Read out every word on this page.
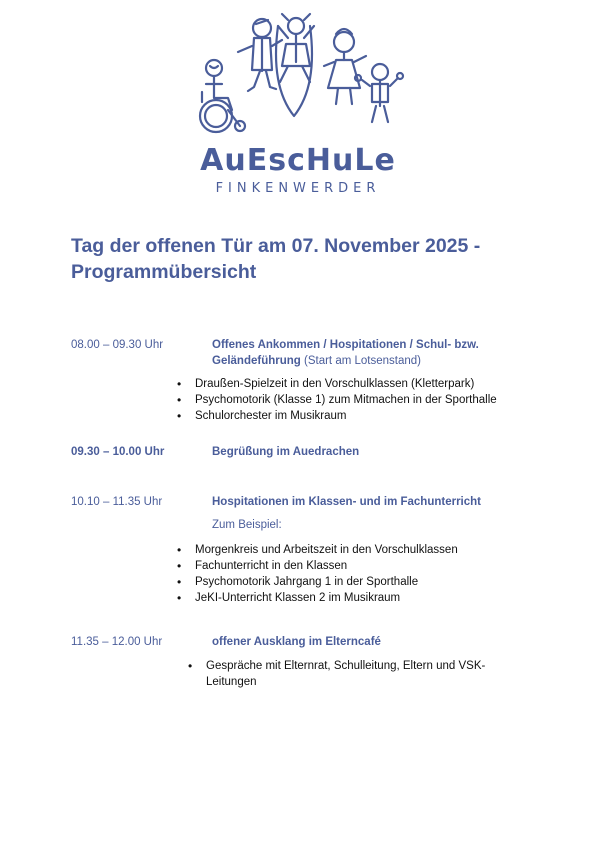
AuEscHuLe
FINKENWERDER
Tag der offenen Tür am 07. November 2025 - Programmübersicht
08.00 – 09.30 Uhr	Offenes Ankommen / Hospitationen / Schul- bzw. Geländeführung (Start am Lotsenstand)
• Draußen-Spielzeit in den Vorschulklassen (Kletterpark)
• Psychomotorik (Klasse 1) zum Mitmachen in der Sporthalle
• Schulorchester im Musikraum
09.30 – 10.00 Uhr	Begrüßung im Auedrachen
10.10 – 11.35 Uhr	Hospitationen im Klassen- und im Fachunterricht
Zum Beispiel:
• Morgenkreis und Arbeitszeit in den Vorschulklassen
• Fachunterricht in den Klassen
• Psychomotorik Jahrgang 1 in der Sporthalle
• JeKI-Unterricht Klassen 2 im Musikraum
11.35 – 12.00 Uhr	offener Ausklang im Elterncafé
• Gespräche mit Elternrat, Schulleitung, Eltern und VSK-Leitungen
